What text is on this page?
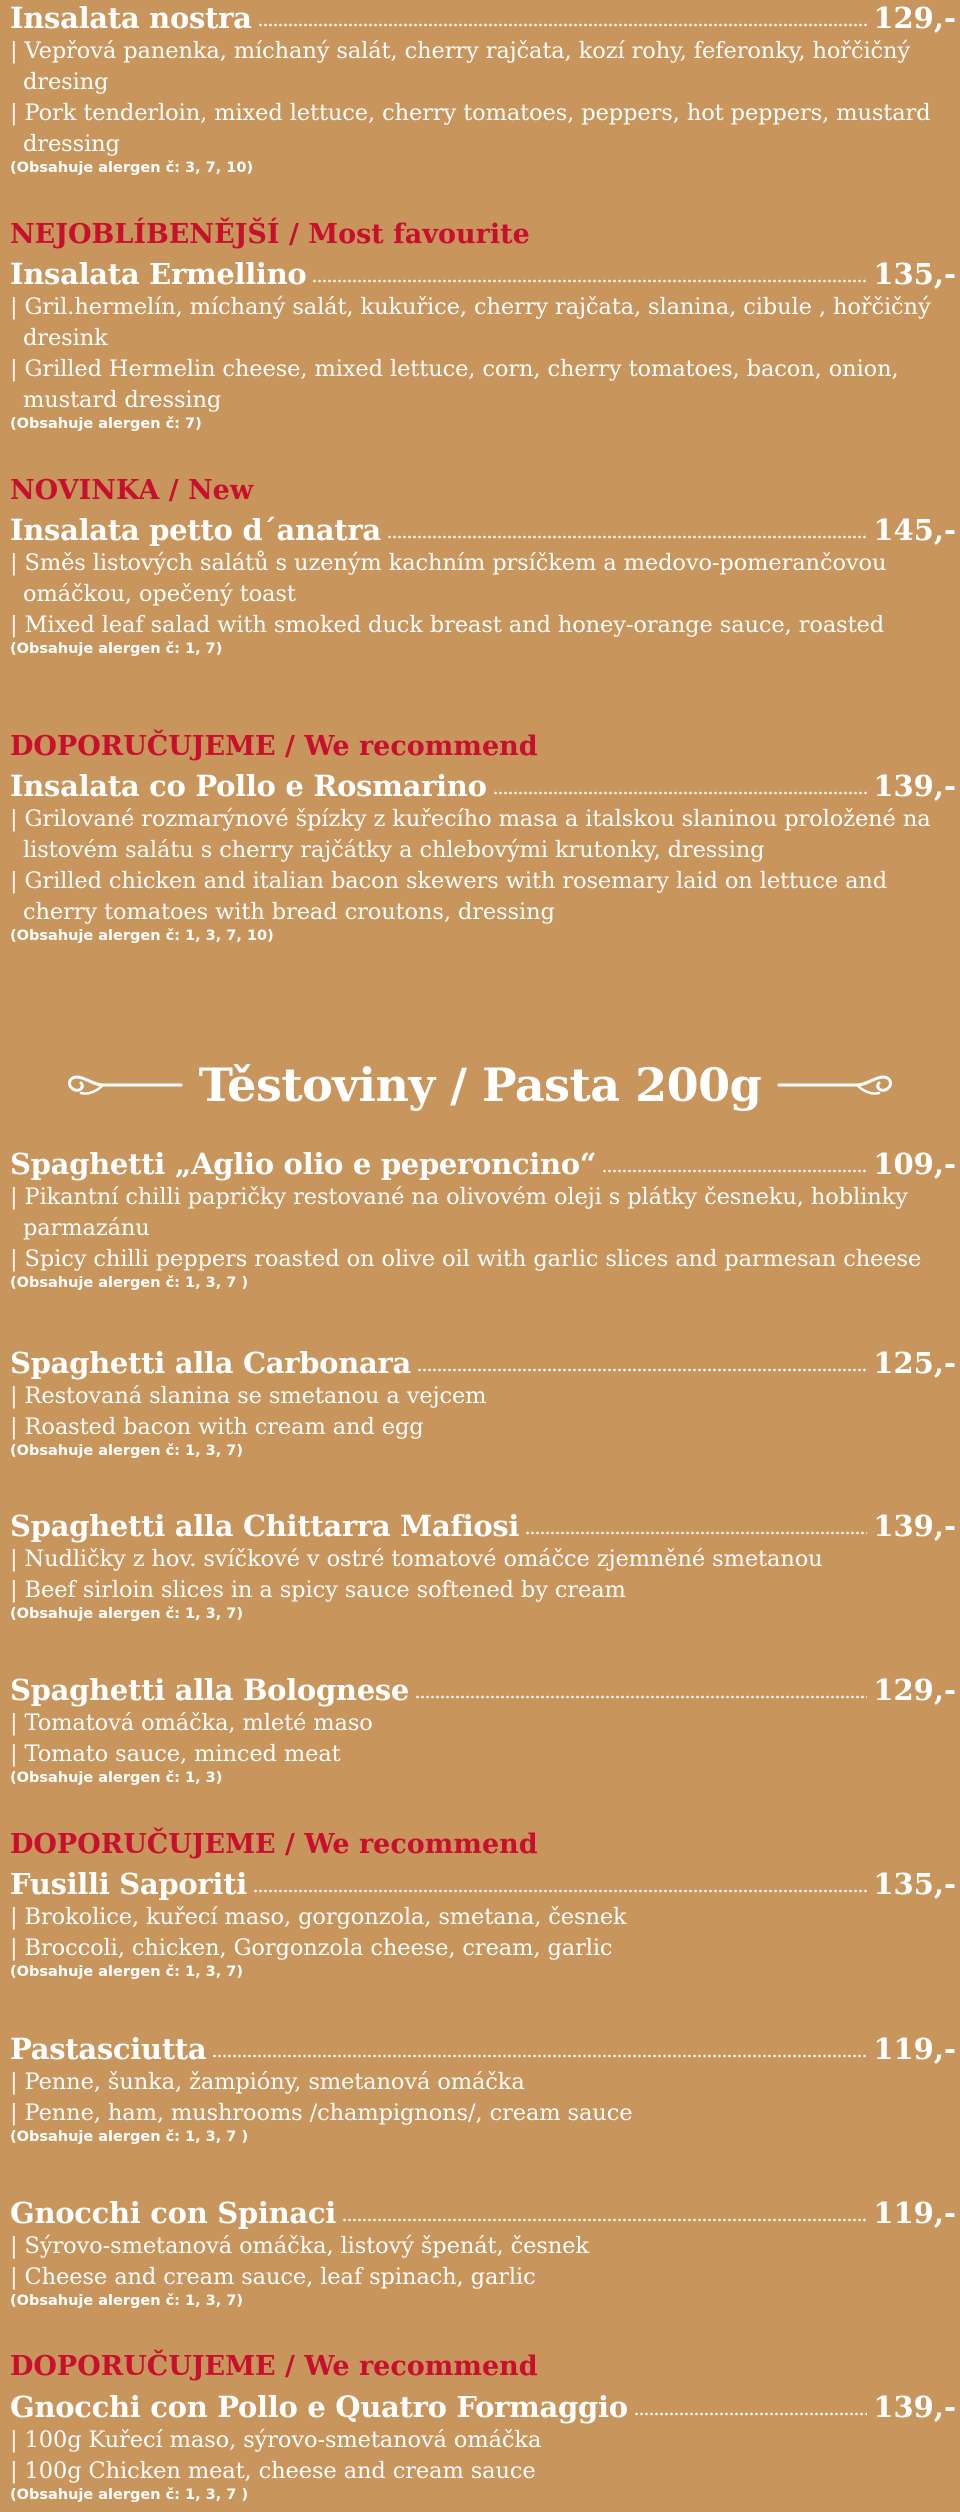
Insalata nostra	129,-
| Vepřová panenka, míchaný salát, cherry rajčata, kozí rohy, feferonky, hořčičný dresing
| Pork tenderloin, mixed lettuce, cherry tomatoes, peppers, hot peppers, mustard dressing
(Obsahuje alergen č: 3, 7, 10)
NEJOBLÍBENĚJŠÍ / Most favourite
Insalata Ermellino	135,-
| Gril.hermelín, míchaný salát, kukuřice, cherry rajčata, slanina, cibule , hořčičný dresink
| Grilled Hermelin cheese, mixed lettuce, corn, cherry tomatoes, bacon, onion, mustard dressing
(Obsahuje alergen č: 7)
NOVINKA / New
Insalata petto d´anatra	145,-
| Směs listových salátů s uzeným kachním prsíčkem a medovo-pomerančovou omáčkou, opečený toast
| Mixed leaf salad with smoked duck breast and honey-orange sauce, roasted
(Obsahuje alergen č: 1, 7)
DOPORUČUJEME / We recommend
Insalata co Pollo e Rosmarino	139,-
| Grilované rozmarýnové špízky z kuřecího masa a italskou slaninou proložené na listovém salátu s cherry rajčátky a chlebovými krutonky, dressing
| Grilled chicken and italian bacon skewers with rosemary laid on lettuce and cherry tomatoes with bread croutons, dressing
(Obsahuje alergen č: 1, 3, 7, 10)
Těstoviny / Pasta 200g
Spaghetti „Aglio olio e peperoncino“	109,-
| Pikantní chilli papričky restované na olivovém oleji s plátky česneku, hoblinky parmazánu
| Spicy chilli peppers roasted on olive oil with garlic slices and parmesan cheese
(Obsahuje alergen č: 1, 3, 7 )
Spaghetti alla Carbonara	125,-
| Restovaná slanina se smetanou a vejcem
| Roasted bacon with cream and egg
(Obsahuje alergen č: 1, 3, 7)
Spaghetti alla Chittarra Mafiosi	139,-
| Nudličky z hov. svíčkové v ostré tomatové omáčce zjemněné smetanou
| Beef sirloin slices in a spicy sauce softened by cream
(Obsahuje alergen č: 1, 3, 7)
Spaghetti alla Bolognese	129,-
| Tomatová omáčka, mleté maso
| Tomato sauce, minced meat
(Obsahuje alergen č: 1, 3)
DOPORUČUJEME / We recommend
Fusilli Saporiti	135,-
| Brokolice, kuřecí maso, gorgonzola, smetana, česnek
| Broccoli, chicken, Gorgonzola cheese, cream, garlic
(Obsahuje alergen č: 1, 3, 7)
Pastasciutta	119,-
| Penne, šunka, žampióny, smetanová omáčka
| Penne, ham, mushrooms /champignons/, cream sauce
(Obsahuje alergen č: 1, 3, 7 )
Gnocchi con Spinaci	119,-
| Sýrovo-smetanová omáčka, listový špenát, česnek
| Cheese and cream sauce, leaf spinach, garlic
(Obsahuje alergen č: 1, 3, 7)
DOPORUČUJEME / We recommend
Gnocchi con Pollo e Quatro Formaggio	139,-
| 100g Kuřecí maso, sýrovo-smetanová omáčka
| 100g Chicken meat, cheese and cream sauce
(Obsahuje alergen č: 1, 3, 7 )
